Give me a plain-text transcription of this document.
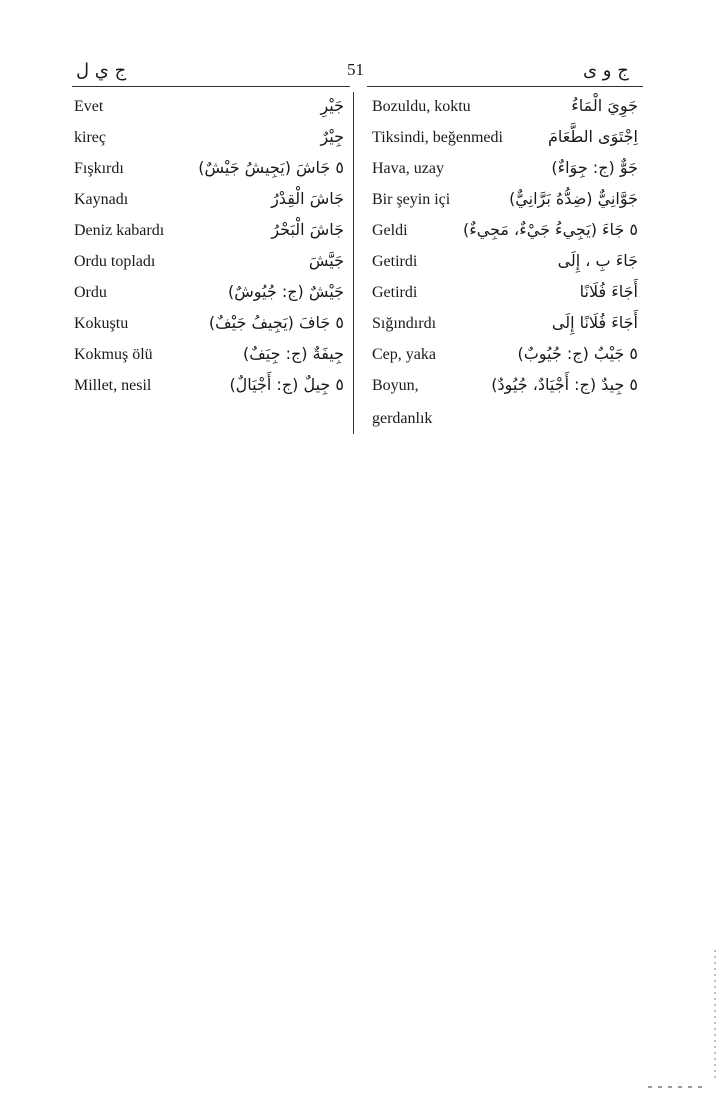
ج ي ل	51	ج و ى
Evet	جَيْرِ
kireç	جِيْرٌ
Fışkırdı	٥ جَاشَ (يَجِيشُ جَيْشٌ)
Kaynadı	جَاشَ الْقِدْرُ
Deniz kabardı	جَاشَ الْبَحْرُ
Ordu topladı	جَيَّشَ
Ordu	جَيْشٌ (ج: جُيُوشٌ)
Kokuştu	٥ جَافَ (يَجِيفُ جَيْفٌ)
Kokmuş ölü	جِيفَةٌ (ج: جِيَفٌ)
Millet, nesil	٥ جِيلٌ (ج: أَجْيَالٌ)
Bozuldu, koktu	جَوِيَ الْمَاءُ
Tiksindi, beğenmedi	اِجْتَوَى الطَّعَامَ
Hava, uzay	جَوٌّ (ج: جِوَاءٌ)
Bir şeyin içi	جَوَّانِيٌّ (ضِدُّهُ بَرَّانِيٌّ)
Geldi	٥ جَاءَ (يَجِيءُ جَيْءٌ، مَجِيءٌ)
Getirdi	جَاءَ بِ ، إِلَى
Getirdi	أَجَاءَ فُلَانًا
Sığındırdı	أَجَاءَ فُلَانًا إِلَى
Cep, yaka	٥ جَيْبٌ (ج: جُيُوبٌ)
Boyun,	٥ جِيدٌ (ج: أَجْيَادٌ، جُيُودٌ)
gerdanlık
